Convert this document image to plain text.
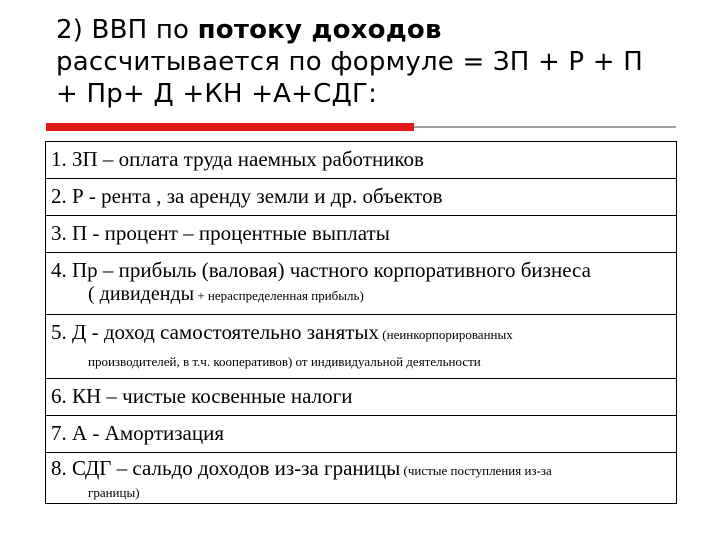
2) ВВП по потоку доходов
рассчитывается по формуле = ЗП + Р + П
+ Пр+ Д +КН +А+СДГ:
1. ЗП – оплата труда наемных работников
2. Р - рента , за аренду земли и др. объектов
3. П - процент – процентные выплаты
4. Пр – прибыль (валовая) частного корпоративного бизнеса
( дивиденды + нераспределенная прибыль)
5. Д - доход самостоятельно занятых (неинкорпорированных
производителей, в т.ч. кооперативов) от индивидуальной деятельности
6. КН – чистые косвенные налоги
7. А - Амортизация
8. СДГ – сальдо доходов из-за границы (чистые поступления из-за
границы)
